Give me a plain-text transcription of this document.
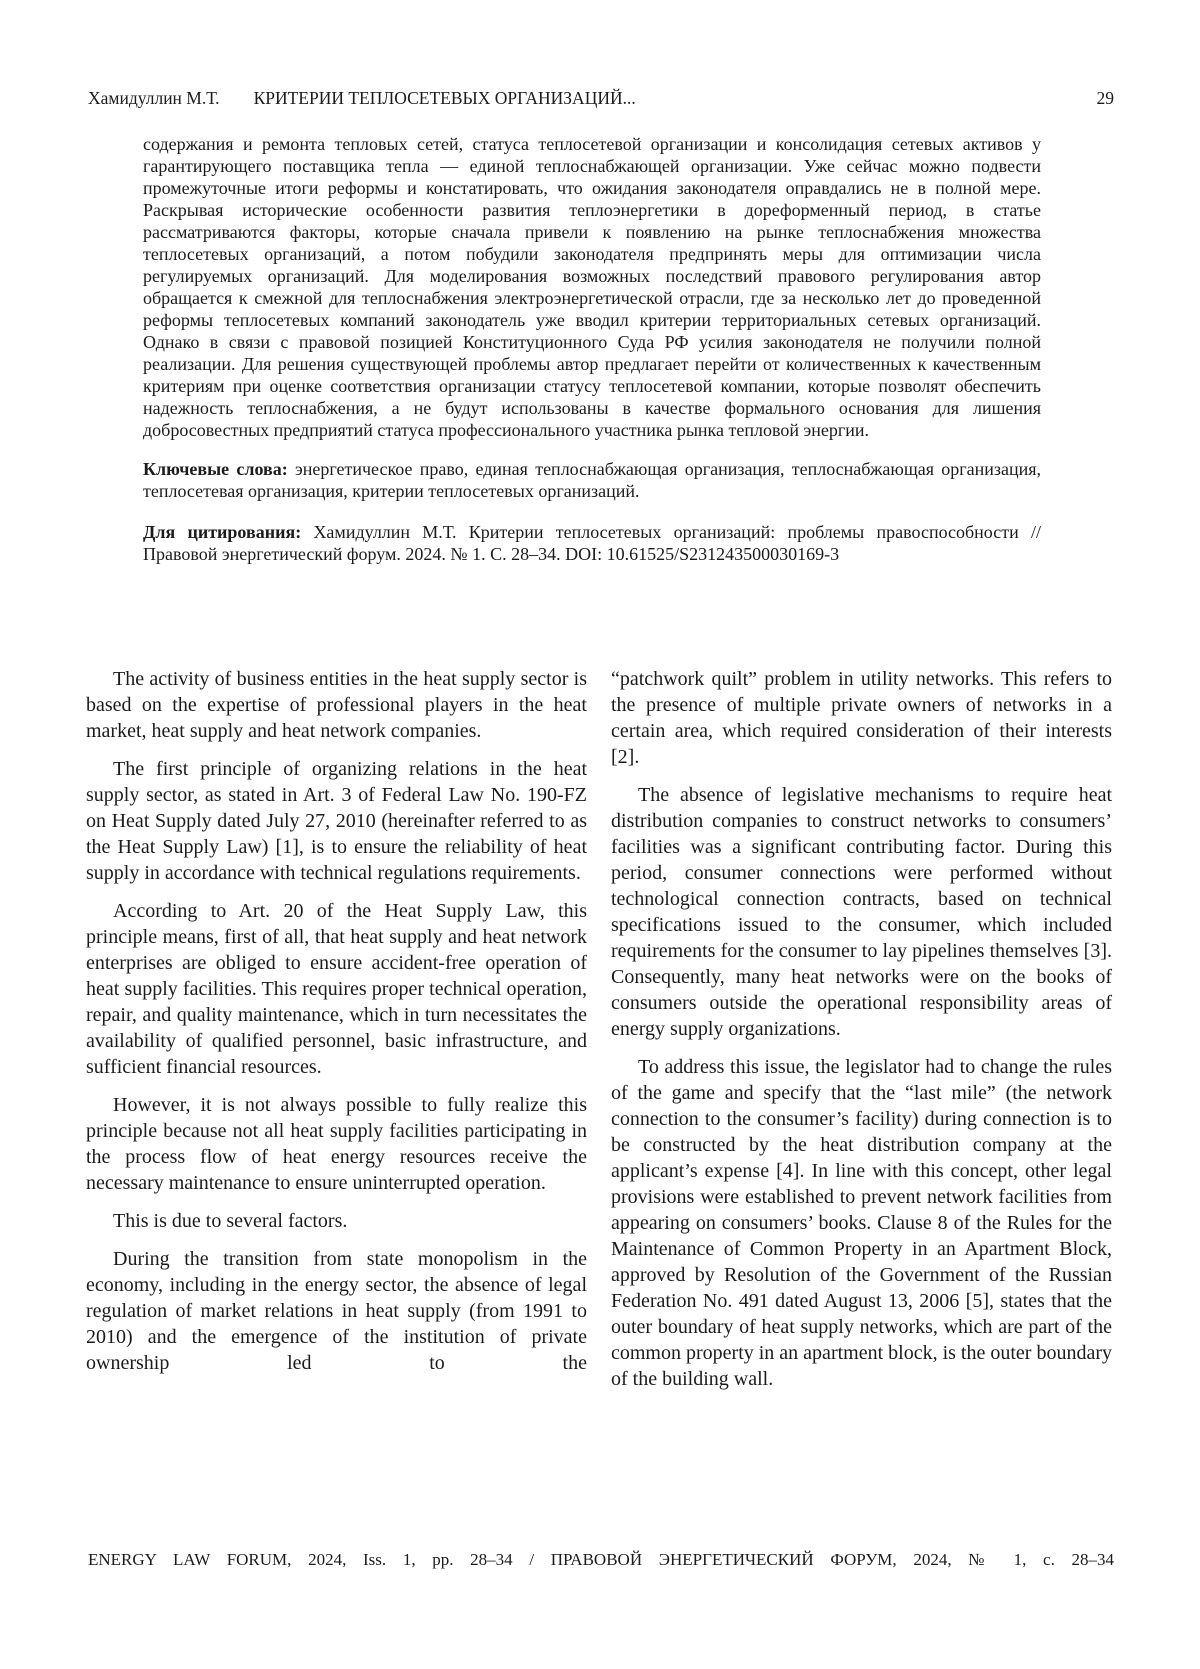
Хамидуллин М.Т. КРИТЕРИИ ТЕПЛОСЕТЕВЫХ ОРГАНИЗАЦИЙ...	29

содержания и ремонта тепловых сетей, статуса теплосетевой организации и консолидация сетевых активов у гарантирующего поставщика тепла — единой теплоснабжающей организации. Уже сейчас можно подвести промежуточные итоги реформы и констатировать, что ожидания законодателя оправдались не в полной мере. Раскрывая исторические особенности развития теплоэнергетики в дореформенный период, в статье рассматриваются факторы, которые сначала привели к появлению на рынке теплоснабжения множества теплосетевых организаций, а потом побудили законодателя предпринять меры для оптимизации числа регулируемых организаций. Для моделирования возможных последствий правового регулирования автор обращается к смежной для теплоснабжения электроэнергетической отрасли, где за несколько лет до проведенной реформы теплосетевых компаний законодатель уже вводил критерии территориальных сетевых организаций. Однако в связи с правовой позицией Конституционного Суда РФ усилия законодателя не получили полной реализации. Для решения существующей проблемы автор предлагает перейти от количественных к качественным критериям при оценке соответствия организации статусу теплосетевой компании, которые позволят обеспечить надежность теплоснабжения, а не будут использованы в качестве формального основания для лишения добросовестных предприятий статуса профессионального участника рынка тепловой энергии.

Ключевые слова: энергетическое право, единая теплоснабжающая организация, теплоснабжающая организация, теплосетевая организация, критерии теплосетевых организаций.

Для цитирования: Хамидуллин М.Т. Критерии теплосетевых организаций: проблемы правоспособности // Правовой энергетический форум. 2024. № 1. С. 28–34. DOI: 10.61525/S231243500030169-3

The activity of business entities in the heat supply sector is based on the expertise of professional players in the heat market, heat supply and heat network companies.

The first principle of organizing relations in the heat supply sector, as stated in Art. 3 of Federal Law No. 190-FZ on Heat Supply dated July 27, 2010 (hereinafter referred to as the Heat Supply Law) [1], is to ensure the reliability of heat supply in accordance with technical regulations requirements.

According to Art. 20 of the Heat Supply Law, this principle means, first of all, that heat supply and heat network enterprises are obliged to ensure accident-free operation of heat supply facilities. This requires proper technical operation, repair, and quality maintenance, which in turn necessitates the availability of qualified personnel, basic infrastructure, and sufficient financial resources.

However, it is not always possible to fully realize this principle because not all heat supply facilities participating in the process flow of heat energy resources receive the necessary maintenance to ensure uninterrupted operation.

This is due to several factors.

During the transition from state monopolism in the economy, including in the energy sector, the absence of legal regulation of market relations in heat supply (from 1991 to 2010) and the emergence of the institution of private ownership led to the

“patchwork quilt” problem in utility networks. This refers to the presence of multiple private owners of networks in a certain area, which required consideration of their interests [2].

The absence of legislative mechanisms to require heat distribution companies to construct networks to consumers’ facilities was a significant contributing factor. During this period, consumer connections were performed without technological connection contracts, based on technical specifications issued to the consumer, which included requirements for the consumer to lay pipelines themselves [3]. Consequently, many heat networks were on the books of consumers outside the operational responsibility areas of energy supply organizations.

To address this issue, the legislator had to change the rules of the game and specify that the “last mile” (the network connection to the consumer’s facility) during connection is to be constructed by the heat distribution company at the applicant’s expense [4]. In line with this concept, other legal provisions were established to prevent network facilities from appearing on consumers’ books. Clause 8 of the Rules for the Maintenance of Common Property in an Apartment Block, approved by Resolution of the Government of the Russian Federation No. 491 dated August 13, 2006 [5], states that the outer boundary of heat supply networks, which are part of the common property in an apartment block, is the outer boundary of the building wall.

ENERGY LAW FORUM, 2024, Iss. 1, pp. 28–34 / ПРАВОВОЙ ЭНЕРГЕТИЧЕСКИЙ ФОРУМ, 2024, № 1, с. 28–34
